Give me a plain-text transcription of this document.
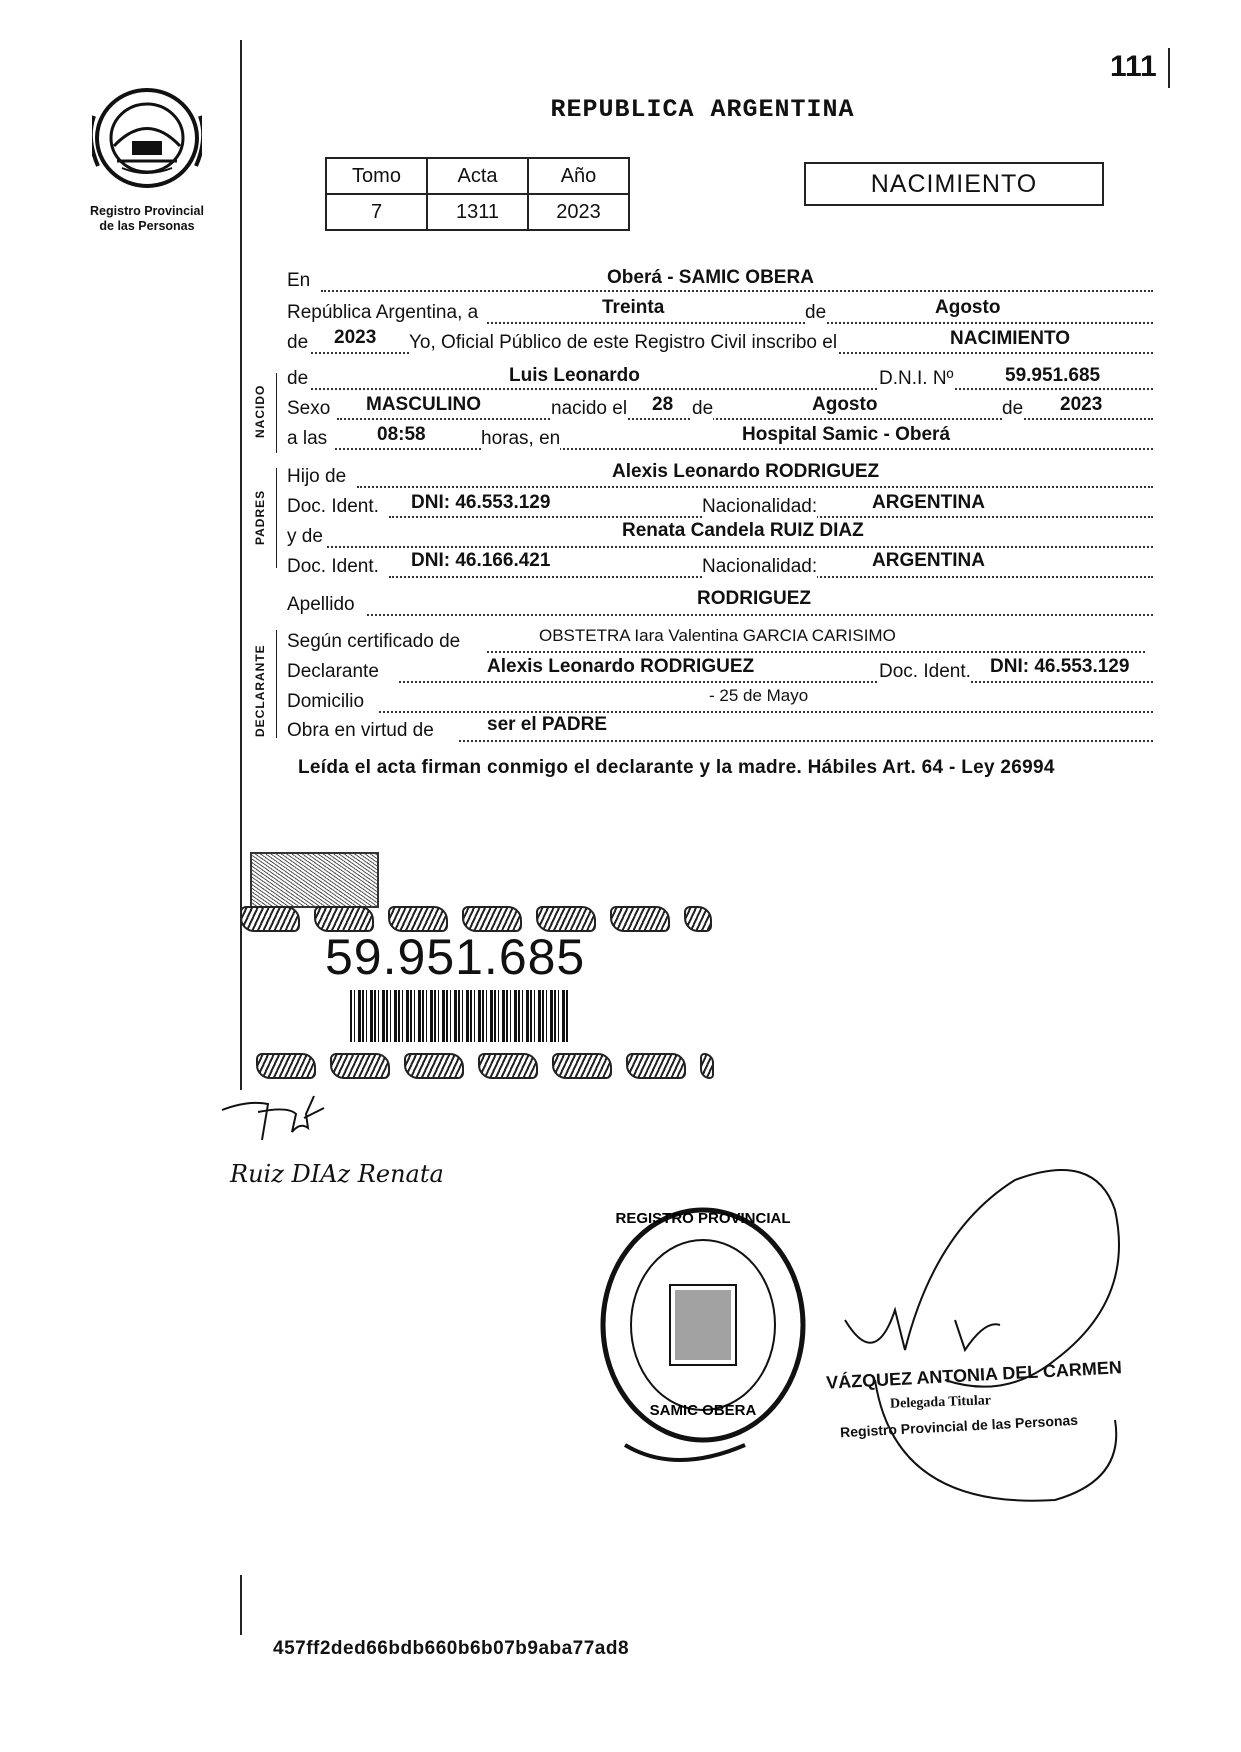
111
Registro Provincial
de las Personas
REPUBLICA ARGENTINA
Tomo	Acta	Año
7	1311	2023
NACIMIENTO
NACIDO
PADRES
DECLARANTE
En	Oberá - SAMIC OBERA
República Argentina, a	Treinta	de	Agosto
de 2023 Yo, Oficial Público de este Registro Civil inscribo el	NACIMIENTO
de	Luis Leonardo	D.N.I. Nº	59.951.685
Sexo MASCULINO	nacido el 28 de	Agosto	de 2023
a las	08:58	horas, en	Hospital Samic - Oberá
Hijo de	Alexis Leonardo RODRIGUEZ
Doc. Ident. DNI: 46.553.129	Nacionalidad:	ARGENTINA
y de	Renata Candela RUIZ DIAZ
Doc. Ident. DNI: 46.166.421	Nacionalidad:	ARGENTINA
Apellido	RODRIGUEZ
Según certificado de	OBSTETRA Iara Valentina GARCIA CARISIMO
Declarante	Alexis Leonardo RODRIGUEZ	Doc. Ident. DNI: 46.553.129
Domicilio	- 25 de Mayo
Obra en virtud de	ser el PADRE
Leída el acta firman conmigo el declarante y la madre. Hábiles Art. 64 - Ley 26994
59.951.685
Ruiz DIAz Renata
REGISTRO PROVINCIAL
SAMIC OBERA
VÁZQUEZ ANTONIA DEL CARMEN
Delegada Titular
Registro Provincial de las Personas
457ff2ded66bdb660b6b07b9aba77ad8
